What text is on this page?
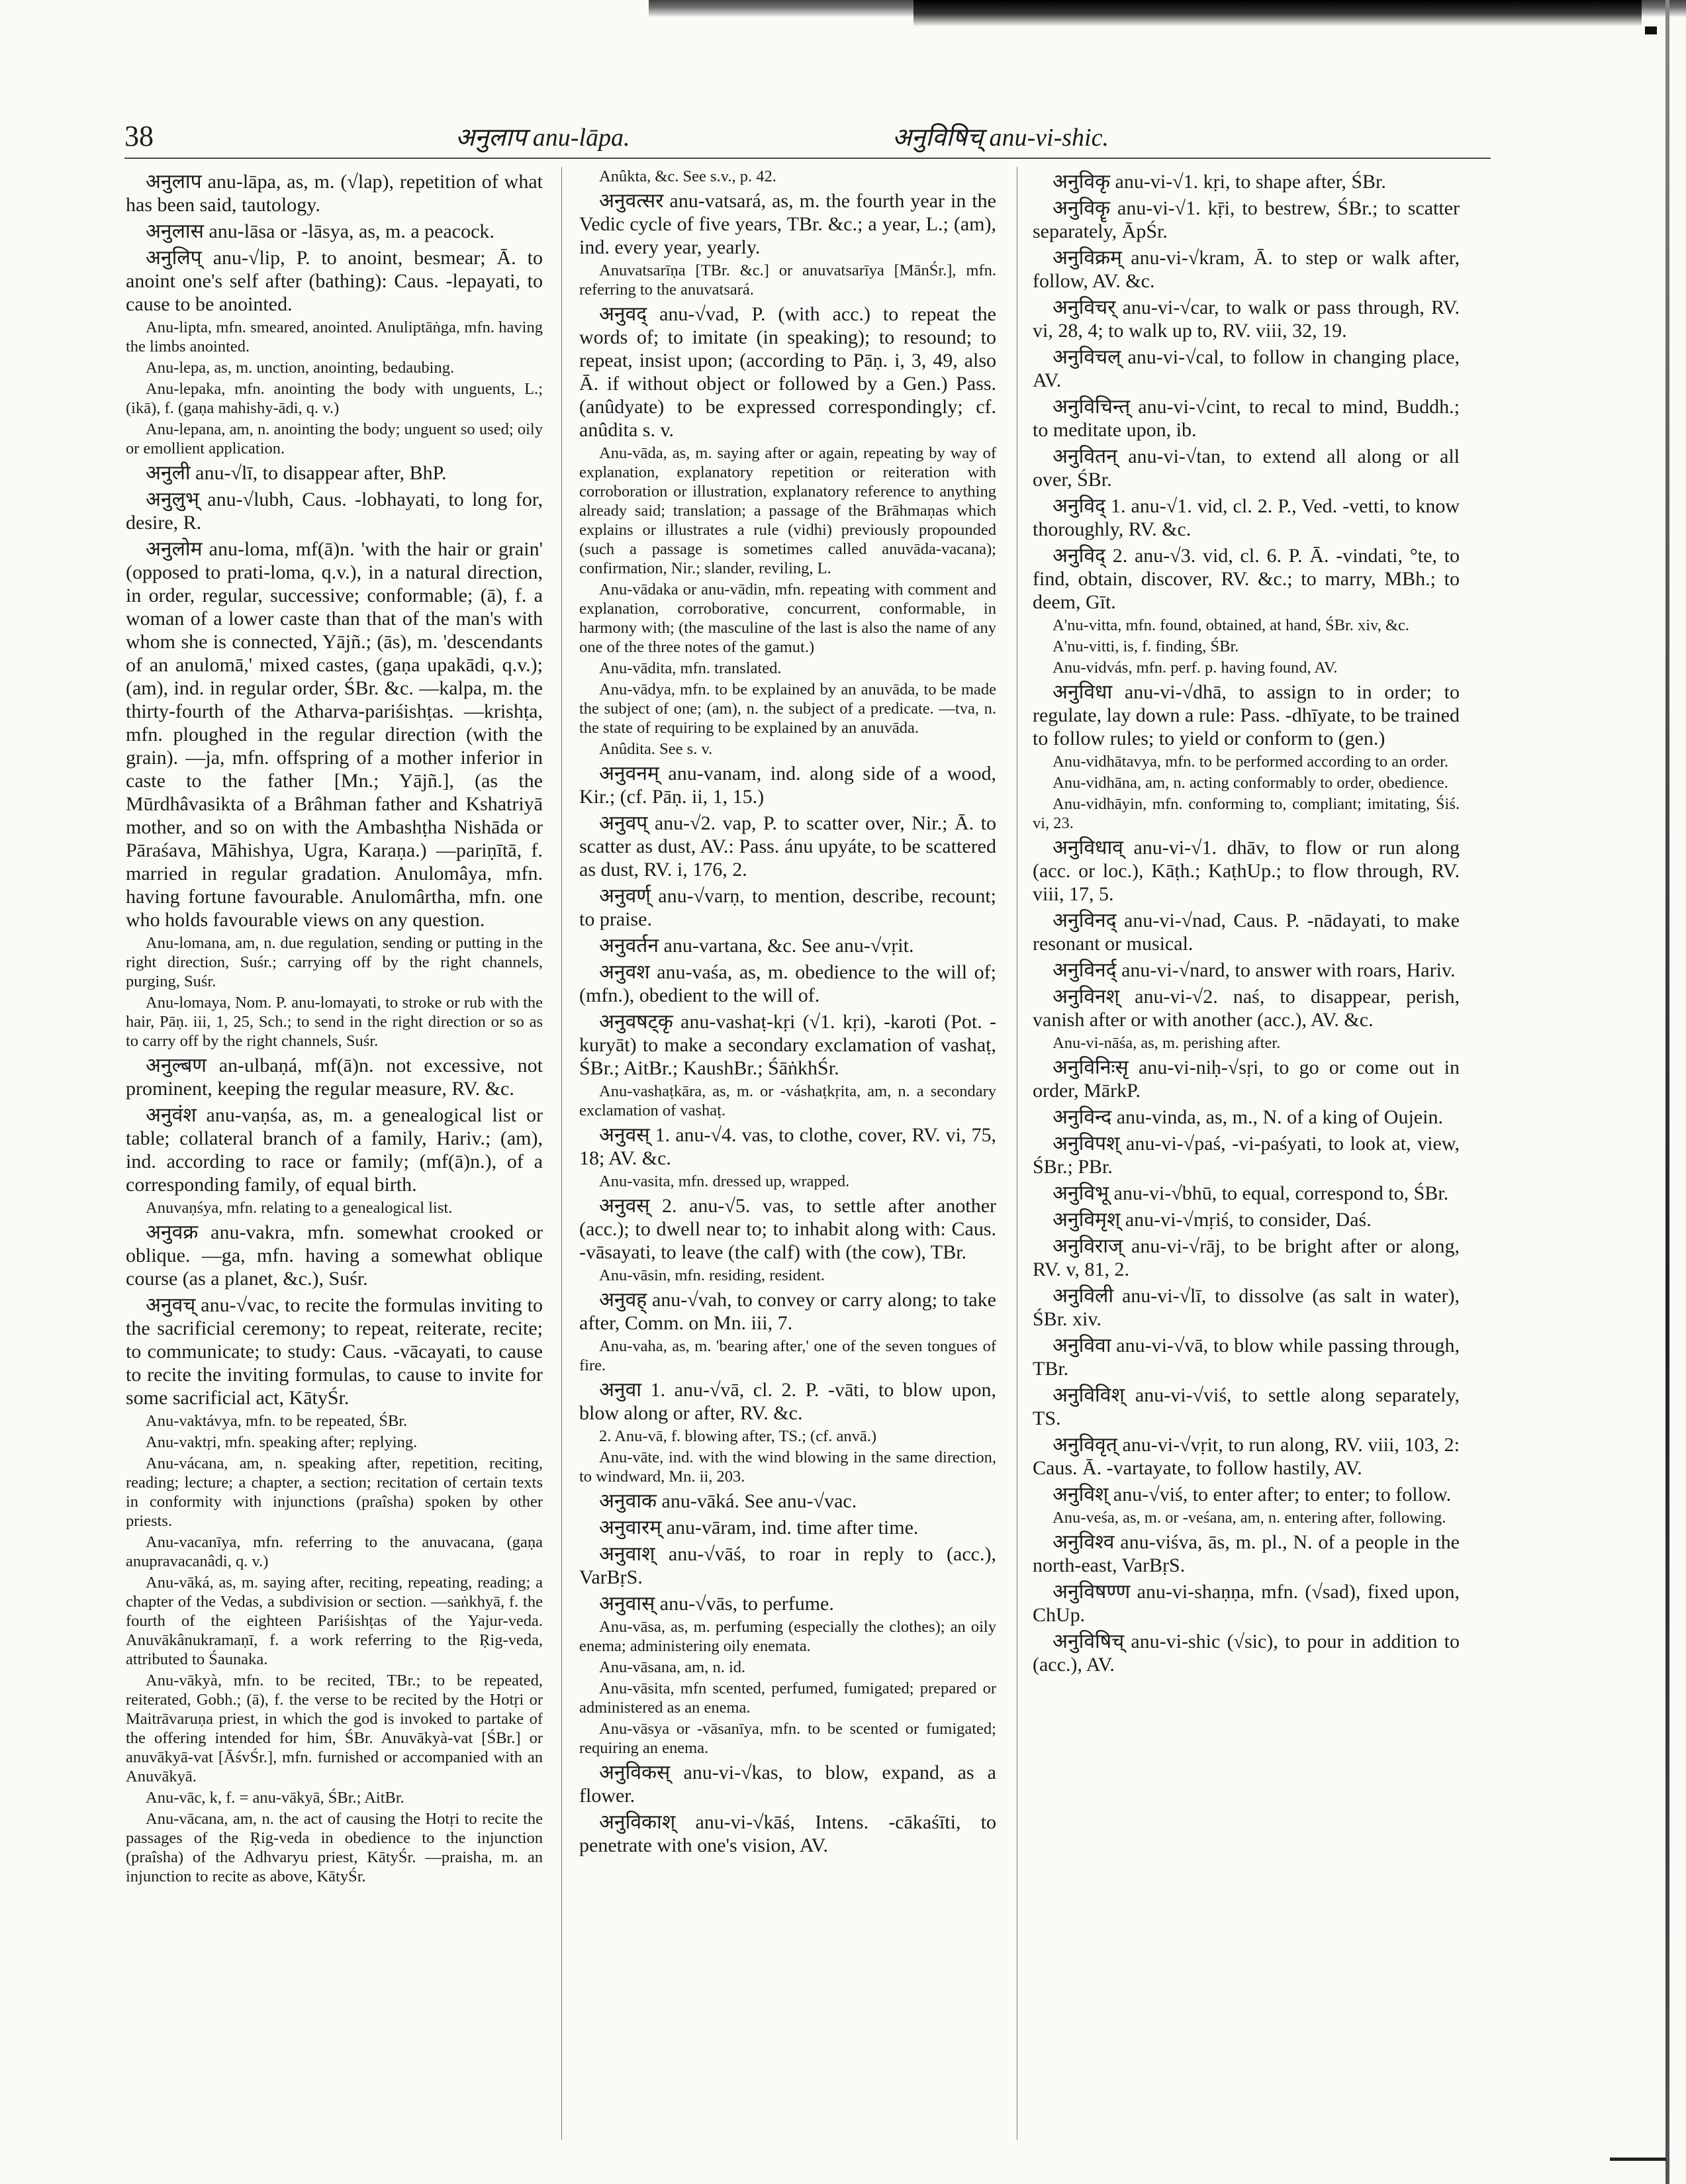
38	अनुलाप anu-lāpa.	अनुविषिच् anu-vi-shic.

अनुलाप anu-lāpa, as, m. (√lap), repetition of what has been said, tautology.

अनुलास anu-lāsa or -lāsya, as, m. a peacock.

अनुलिप् anu-√lip, P. to anoint, besmear; Ā. to anoint one's self after (bathing): Caus. -lepayati, to cause to be anointed.

Anu-lipta, mfn. smeared, anointed. Anuliptāṅga, mfn. having the limbs anointed.

Anu-lepa, as, m. unction, anointing, bedaubing.

Anu-lepaka, mfn. anointing the body with unguents, L.; (ikā), f. (gaṇa mahishy-ādi, q. v.)

Anu-lepana, am, n. anointing the body; unguent so used; oily or emollient application.

अनुली anu-√lī, to disappear after, BhP.

अनुलुभ् anu-√lubh, Caus. -lobhayati, to long for, desire, R.

अनुलोम anu-loma, mf(ā)n. 'with the hair or grain' (opposed to prati-loma, q.v.), in a natural direction, in order, regular, successive; conformable; (ā), f. a woman of a lower caste than that of the man's with whom she is connected, Yājñ.; (ās), m. 'descendants of an anulomā,' mixed castes, (gaṇa upakādi, q.v.); (am), ind. in regular order, ŚBr. &c. —kalpa, m. the thirty-fourth of the Atharva-pariśishṭas. —krishṭa, mfn. ploughed in the regular direction (with the grain). —ja, mfn. offspring of a mother inferior in caste to the father [Mn.; Yājñ.], (as the Mūrdhâvasikta of a Brâhman father and Kshatriyā mother, and so on with the Ambashṭha Nishāda or Pāraśava, Māhishya, Ugra, Karaṇa.) —pariṇītā, f. married in regular gradation. Anulomâya, mfn. having fortune favourable. Anulomârtha, mfn. one who holds favourable views on any question.

Anu-lomana, am, n. due regulation, sending or putting in the right direction, Suśr.; carrying off by the right channels, purging, Suśr.

Anu-lomaya, Nom. P. anu-lomayati, to stroke or rub with the hair, Pāṇ. iii, 1, 25, Sch.; to send in the right direction or so as to carry off by the right channels, Suśr.

अनुल्बण an-ulbaṇá, mf(ā)n. not excessive, not prominent, keeping the regular measure, RV. &c.

अनुवंश anu-vaṇśa, as, m. a genealogical list or table; collateral branch of a family, Hariv.; (am), ind. according to race or family; (mf(ā)n.), of a corresponding family, of equal birth.

Anuvaṇśya, mfn. relating to a genealogical list.

अनुवक्र anu-vakra, mfn. somewhat crooked or oblique. —ga, mfn. having a somewhat oblique course (as a planet, &c.), Suśr.

अनुवच् anu-√vac, to recite the formulas inviting to the sacrificial ceremony; to repeat, reiterate, recite; to communicate; to study: Caus. -vācayati, to cause to recite the inviting formulas, to cause to invite for some sacrificial act, KātyŚr.

Anu-vaktávya, mfn. to be repeated, ŚBr.

Anu-vaktṛi, mfn. speaking after; replying.

Anu-vácana, am, n. speaking after, repetition, reciting, reading; lecture; a chapter, a section; recitation of certain texts in conformity with injunctions (praîsha) spoken by other priests.

Anu-vacanīya, mfn. referring to the anuvacana, (gaṇa anupravacanâdi, q. v.)

Anu-vāká, as, m. saying after, reciting, repeating, reading; a chapter of the Vedas, a subdivision or section. —saṅkhyā, f. the fourth of the eighteen Pariśishṭas of the Yajur-veda. Anuvākânukramaṇī, f. a work referring to the Ṛig-veda, attributed to Śaunaka.

Anu-vākyà, mfn. to be recited, TBr.; to be repeated, reiterated, Gobh.; (ā), f. the verse to be recited by the Hotṛi or Maitrāvaruṇa priest, in which the god is invoked to partake of the offering intended for him, ŚBr. Anuvākyà-vat [ŚBr.] or anuvākyā-vat [ĀśvŚr.], mfn. furnished or accompanied with an Anuvākyā.

Anu-vāc, k, f. = anu-vākyā, ŚBr.; AitBr.

Anu-vācana, am, n. the act of causing the Hotṛi to recite the passages of the Ṛig-veda in obedience to the injunction (praîsha) of the Adhvaryu priest, KātyŚr. —praisha, m. an injunction to recite as above, KātyŚr.

Anûkta, &c. See s.v., p. 42.

अनुवत्सर anu-vatsará, as, m. the fourth year in the Vedic cycle of five years, TBr. &c.; a year, L.; (am), ind. every year, yearly.

Anuvatsarīṇa [TBr. &c.] or anuvatsarīya [MānŚr.], mfn. referring to the anuvatsará.

अनुवद् anu-√vad, P. (with acc.) to repeat the words of; to imitate (in speaking); to resound; to repeat, insist upon; (according to Pāṇ. i, 3, 49, also Ā. if without object or followed by a Gen.) Pass. (anûdyate) to be expressed correspondingly; cf. anûdita s. v.

Anu-vāda, as, m. saying after or again, repeating by way of explanation, explanatory repetition or reiteration with corroboration or illustration, explanatory reference to anything already said; translation; a passage of the Brāhmaṇas which explains or illustrates a rule (vidhi) previously propounded (such a passage is sometimes called anuvāda-vacana); confirmation, Nir.; slander, reviling, L.

Anu-vādaka or anu-vādin, mfn. repeating with comment and explanation, corroborative, concurrent, conformable, in harmony with; (the masculine of the last is also the name of any one of the three notes of the gamut.)

Anu-vādita, mfn. translated.

Anu-vādya, mfn. to be explained by an anuvāda, to be made the subject of one; (am), n. the subject of a predicate. —tva, n. the state of requiring to be explained by an anuvāda.

Anûdita. See s. v.

अनुवनम् anu-vanam, ind. along side of a wood, Kir.; (cf. Pāṇ. ii, 1, 15.)

अनुवप् anu-√2. vap, P. to scatter over, Nir.; Ā. to scatter as dust, AV.: Pass. ánu upyáte, to be scattered as dust, RV. i, 176, 2.

अनुवर्ण् anu-√varṇ, to mention, describe, recount; to praise.

अनुवर्तन anu-vartana, &c. See anu-√vṛit.

अनुवश anu-vaśa, as, m. obedience to the will of; (mfn.), obedient to the will of.

अनुवषट्कृ anu-vashaṭ-kṛi (√1. kṛi), -karoti (Pot. -kuryāt) to make a secondary exclamation of vashaṭ, ŚBr.; AitBr.; KaushBr.; ŚāṅkhŚr.

Anu-vashaṭkāra, as, m. or -váshaṭkṛita, am, n. a secondary exclamation of vashaṭ.

अनुवस् 1. anu-√4. vas, to clothe, cover, RV. vi, 75, 18; AV. &c.

Anu-vasita, mfn. dressed up, wrapped.

अनुवस् 2. anu-√5. vas, to settle after another (acc.); to dwell near to; to inhabit along with: Caus. -vāsayati, to leave (the calf) with (the cow), TBr.

Anu-vāsin, mfn. residing, resident.

अनुवह् anu-√vah, to convey or carry along; to take after, Comm. on Mn. iii, 7.

Anu-vaha, as, m. 'bearing after,' one of the seven tongues of fire.

अनुवा 1. anu-√vā, cl. 2. P. -vāti, to blow upon, blow along or after, RV. &c.

2. Anu-vā, f. blowing after, TS.; (cf. anvā.)

Anu-vāte, ind. with the wind blowing in the same direction, to windward, Mn. ii, 203.

अनुवाक anu-vāká. See anu-√vac.

अनुवारम् anu-vāram, ind. time after time.

अनुवाश् anu-√vāś, to roar in reply to (acc.), VarBṛS.

अनुवास् anu-√vās, to perfume.

Anu-vāsa, as, m. perfuming (especially the clothes); an oily enema; administering oily enemata.

Anu-vāsana, am, n. id.

Anu-vāsita, mfn scented, perfumed, fumigated; prepared or administered as an enema.

Anu-vāsya or -vāsanīya, mfn. to be scented or fumigated; requiring an enema.

अनुविकस् anu-vi-√kas, to blow, expand, as a flower.

अनुविकाश् anu-vi-√kāś, Intens. -cākaśīti, to penetrate with one's vision, AV.

अनुविकृ anu-vi-√1. kṛi, to shape after, ŚBr.

अनुविकॄ anu-vi-√1. kṝi, to bestrew, ŚBr.; to scatter separately, ĀpŚr.

अनुविक्रम् anu-vi-√kram, Ā. to step or walk after, follow, AV. &c.

अनुविचर् anu-vi-√car, to walk or pass through, RV. vi, 28, 4; to walk up to, RV. viii, 32, 19.

अनुविचल् anu-vi-√cal, to follow in changing place, AV.

अनुविचिन्त् anu-vi-√cint, to recal to mind, Buddh.; to meditate upon, ib.

अनुवितन् anu-vi-√tan, to extend all along or all over, ŚBr.

अनुविद् 1. anu-√1. vid, cl. 2. P., Ved. -vetti, to know thoroughly, RV. &c.

अनुविद् 2. anu-√3. vid, cl. 6. P. Ā. -vindati, °te, to find, obtain, discover, RV. &c.; to marry, MBh.; to deem, Gīt.

A'nu-vitta, mfn. found, obtained, at hand, ŚBr. xiv, &c.

A'nu-vitti, is, f. finding, ŚBr.

Anu-vidvás, mfn. perf. p. having found, AV.

अनुविधा anu-vi-√dhā, to assign to in order; to regulate, lay down a rule: Pass. -dhīyate, to be trained to follow rules; to yield or conform to (gen.)

Anu-vidhātavya, mfn. to be performed according to an order.

Anu-vidhāna, am, n. acting conformably to order, obedience.

Anu-vidhāyin, mfn. conforming to, compliant; imitating, Śiś. vi, 23.

अनुविधाव् anu-vi-√1. dhāv, to flow or run along (acc. or loc.), Kāṭh.; KaṭhUp.; to flow through, RV. viii, 17, 5.

अनुविनद् anu-vi-√nad, Caus. P. -nādayati, to make resonant or musical.

अनुविनर्द् anu-vi-√nard, to answer with roars, Hariv.

अनुविनश् anu-vi-√2. naś, to disappear, perish, vanish after or with another (acc.), AV. &c.

Anu-vi-nāśa, as, m. perishing after.

अनुविनिःसृ anu-vi-niḥ-√sṛi, to go or come out in order, MārkP.

अनुविन्द anu-vinda, as, m., N. of a king of Oujein.

अनुविपश् anu-vi-√paś, -vi-paśyati, to look at, view, ŚBr.; PBr.

अनुविभू anu-vi-√bhū, to equal, correspond to, ŚBr.

अनुविमृश् anu-vi-√mṛiś, to consider, Daś.

अनुविराज् anu-vi-√rāj, to be bright after or along, RV. v, 81, 2.

अनुविली anu-vi-√lī, to dissolve (as salt in water), ŚBr. xiv.

अनुविवा anu-vi-√vā, to blow while passing through, TBr.

अनुविविश् anu-vi-√viś, to settle along separately, TS.

अनुविवृत् anu-vi-√vṛit, to run along, RV. viii, 103, 2: Caus. Ā. -vartayate, to follow hastily, AV.

अनुविश् anu-√viś, to enter after; to enter; to follow.

Anu-veśa, as, m. or -veśana, am, n. entering after, following.

अनुविश्व anu-viśva, ās, m. pl., N. of a people in the north-east, VarBṛS.

अनुविषण्ण anu-vi-shaṇṇa, mfn. (√sad), fixed upon, ChUp.

अनुविषिच् anu-vi-shic (√sic), to pour in addition to (acc.), AV.
